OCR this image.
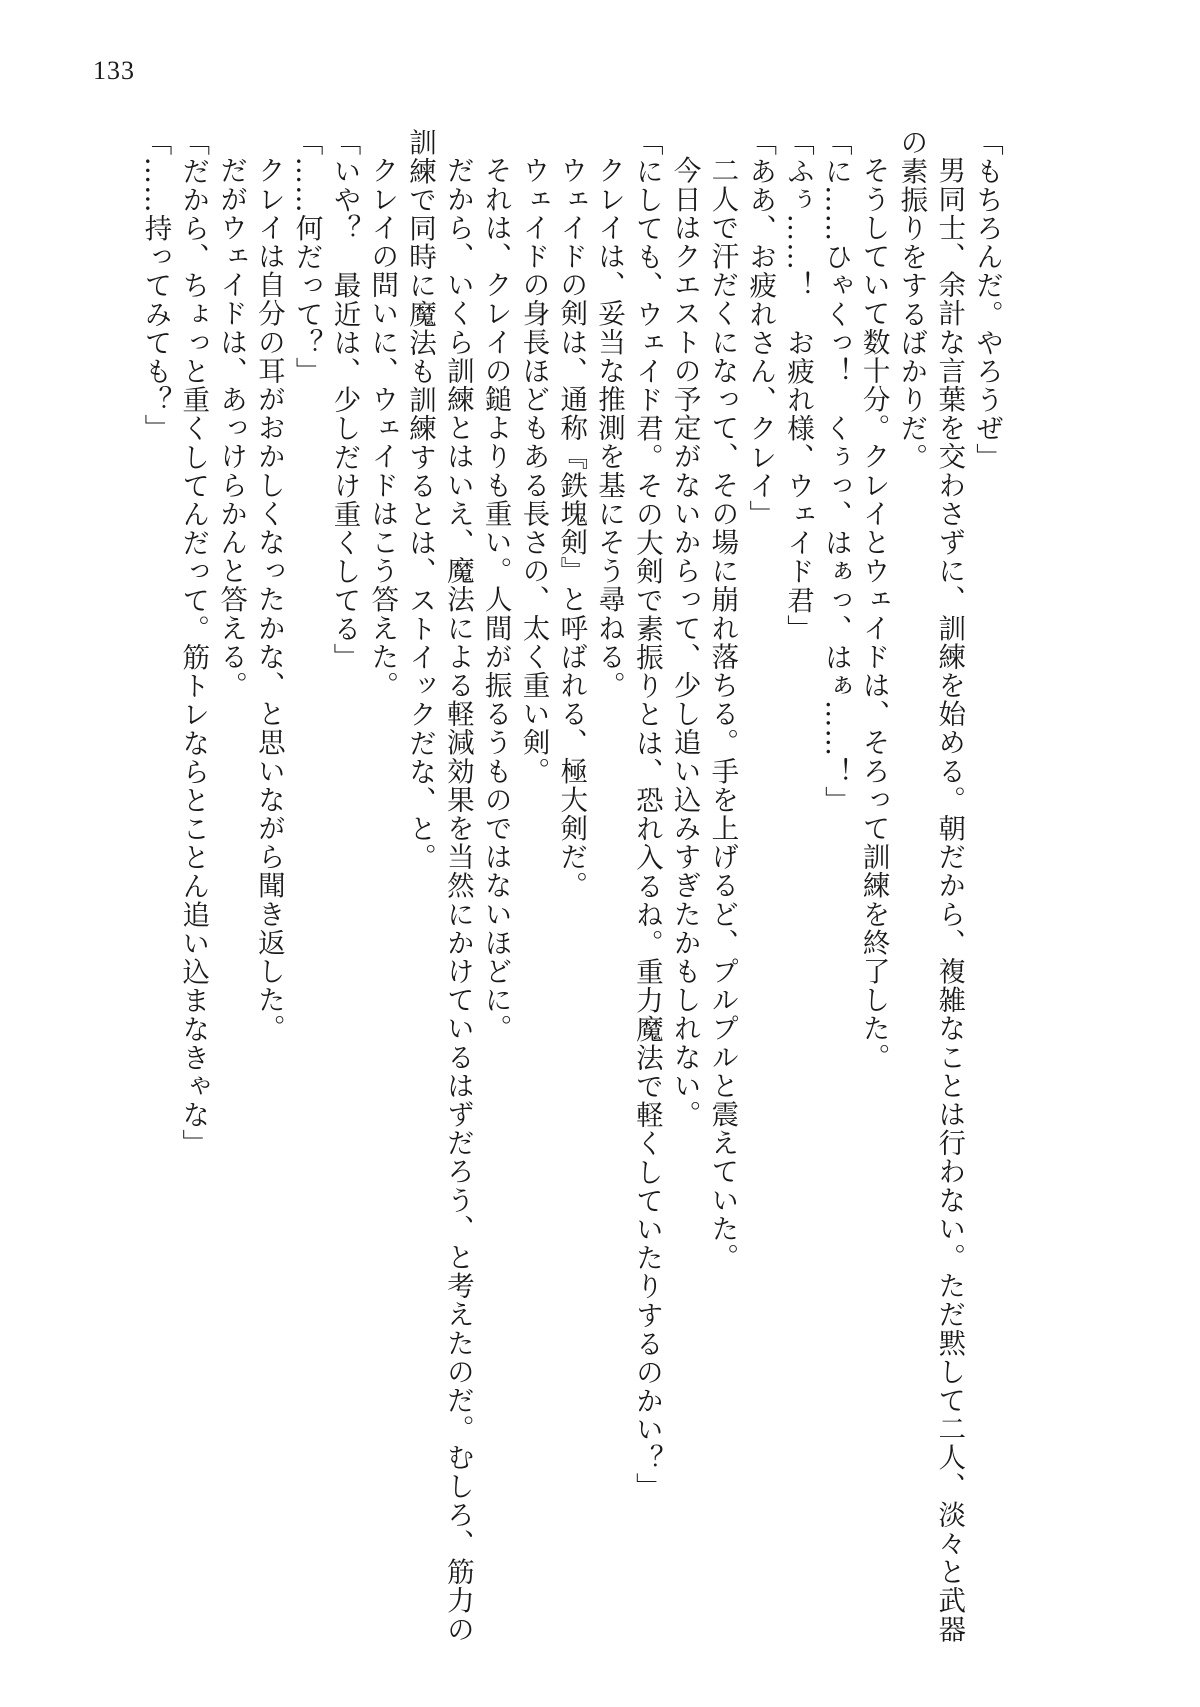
133
「もちろんだ。やろうぜ」
男同士、余計な言葉を交わさずに、訓練を始める。朝だから、複雑なことは行わない。ただ黙して二人、淡々と武器
の素振りをするばかりだ。
そうしていて数十分。クレイとウェイドは、そろって訓練を終了した。
「に……ひゃくっ！　くぅっ、はぁっ、はぁ……！」
「ふぅ……！　お疲れ様、ウェイド君」
「ああ、お疲れさん、クレイ」
二人で汗だくになって、その場に崩れ落ちる。手を上げるど、プルプルと震えていた。
今日はクエストの予定がないからって、少し追い込みすぎたかもしれない。
「にしても、ウェイド君。その大剣で素振りとは、恐れ入るね。重力魔法で軽くしていたりするのかい？」
クレイは、妥当な推測を基にそう尋ねる。
ウェイドの剣は、通称『鉄塊剣』と呼ばれる、極大剣だ。
ウェイドの身長ほどもある長さの、太く重い剣。
それは、クレイの鎚よりも重い。人間が振るうものではないほどに。
だから、いくら訓練とはいえ、魔法による軽減効果を当然にかけているはずだろう、と考えたのだ。むしろ、筋力の
訓練で同時に魔法も訓練するとは、ストイックだな、と。
クレイの問いに、ウェイドはこう答えた。
「いや？　最近は、少しだけ重くしてる」
「……何だって？」
クレイは自分の耳がおかしくなったかな、と思いながら聞き返した。
だがウェイドは、あっけらかんと答える。
「だから、ちょっと重くしてんだって。筋トレならとことん追い込まなきゃな」
「……持ってみても？」
